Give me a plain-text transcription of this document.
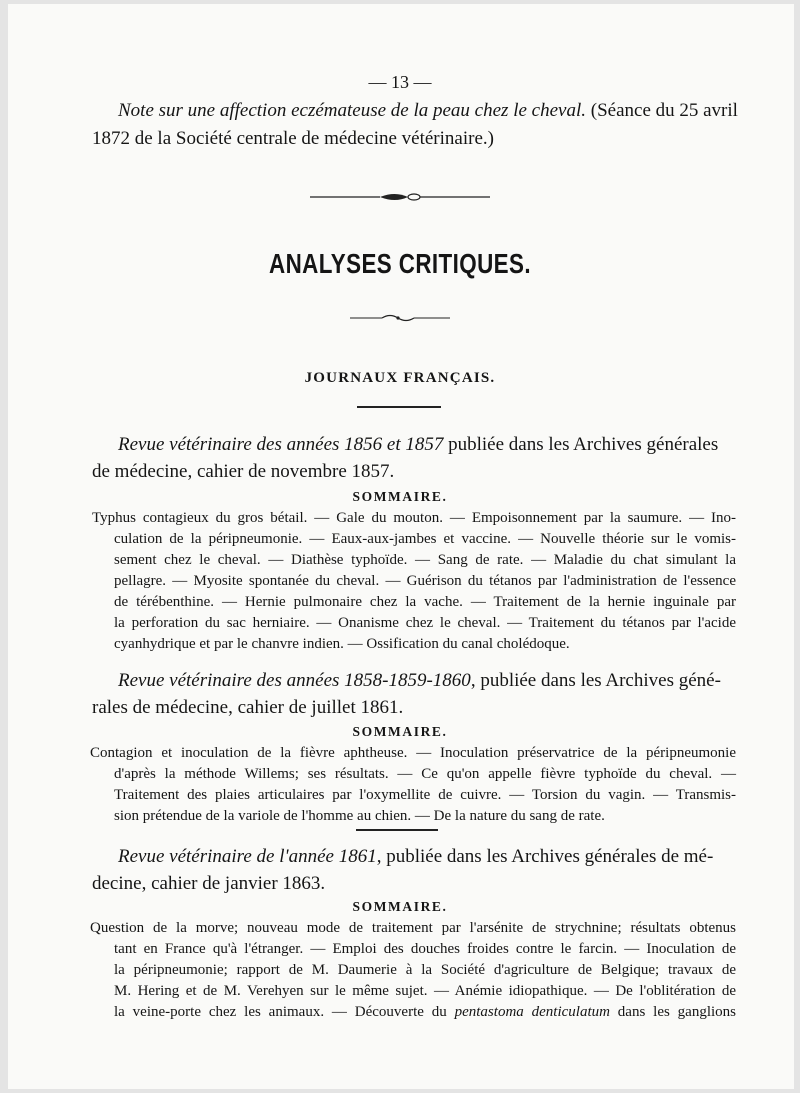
— 13 —
Note sur une affection eczémateuse de la peau chez le cheval. (Séance du 25 avril
1872 de la Société centrale de médecine vétérinaire.)
ANALYSES CRITIQUES.
JOURNAUX FRANÇAIS.
Revue vétérinaire des années 1856 et 1857 publiée dans les Archives générales
de médecine, cahier de novembre 1857.
SOMMAIRE.
Typhus contagieux du gros bétail. — Gale du mouton. — Empoisonnement par la saumure. — Ino-
culation de la péripneumonie. — Eaux-aux-jambes et vaccine. — Nouvelle théorie sur le vomis-
sement chez le cheval. — Diathèse typhoïde. — Sang de rate. — Maladie du chat simulant la
pellagre. — Myosite spontanée du cheval. — Guérison du tétanos par l'administration de l'essence
de térébenthine. — Hernie pulmonaire chez la vache. — Traitement de la hernie inguinale par
la perforation du sac herniaire. — Onanisme chez le cheval. — Traitement du tétanos par l'acide
cyanhydrique et par le chanvre indien. — Ossification du canal cholédoque.
Revue vétérinaire des années 1858-1859-1860, publiée dans les Archives géné-
rales de médecine, cahier de juillet 1861.
SOMMAIRE.
Contagion et inoculation de la fièvre aphtheuse. — Inoculation préservatrice de la péripneumonie
d'après la méthode Willems; ses résultats. — Ce qu'on appelle fièvre typhoïde du cheval. —
Traitement des plaies articulaires par l'oxymellite de cuivre. — Torsion du vagin. — Transmis-
sion prétendue de la variole de l'homme au chien. — De la nature du sang de rate.
Revue vétérinaire de l'année 1861, publiée dans les Archives générales de mé-
decine, cahier de janvier 1863.
SOMMAIRE.
Question de la morve; nouveau mode de traitement par l'arsénite de strychnine; résultats obtenus
tant en France qu'à l'étranger. — Emploi des douches froides contre le farcin. — Inoculation de
la péripneumonie; rapport de M. Daumerie à la Société d'agriculture de Belgique; travaux de
M. Hering et de M. Verehyen sur le même sujet. — Anémie idiopathique. — De l'oblitération de
la veine-porte chez les animaux. — Découverte du pentastoma denticulatum dans les ganglions
